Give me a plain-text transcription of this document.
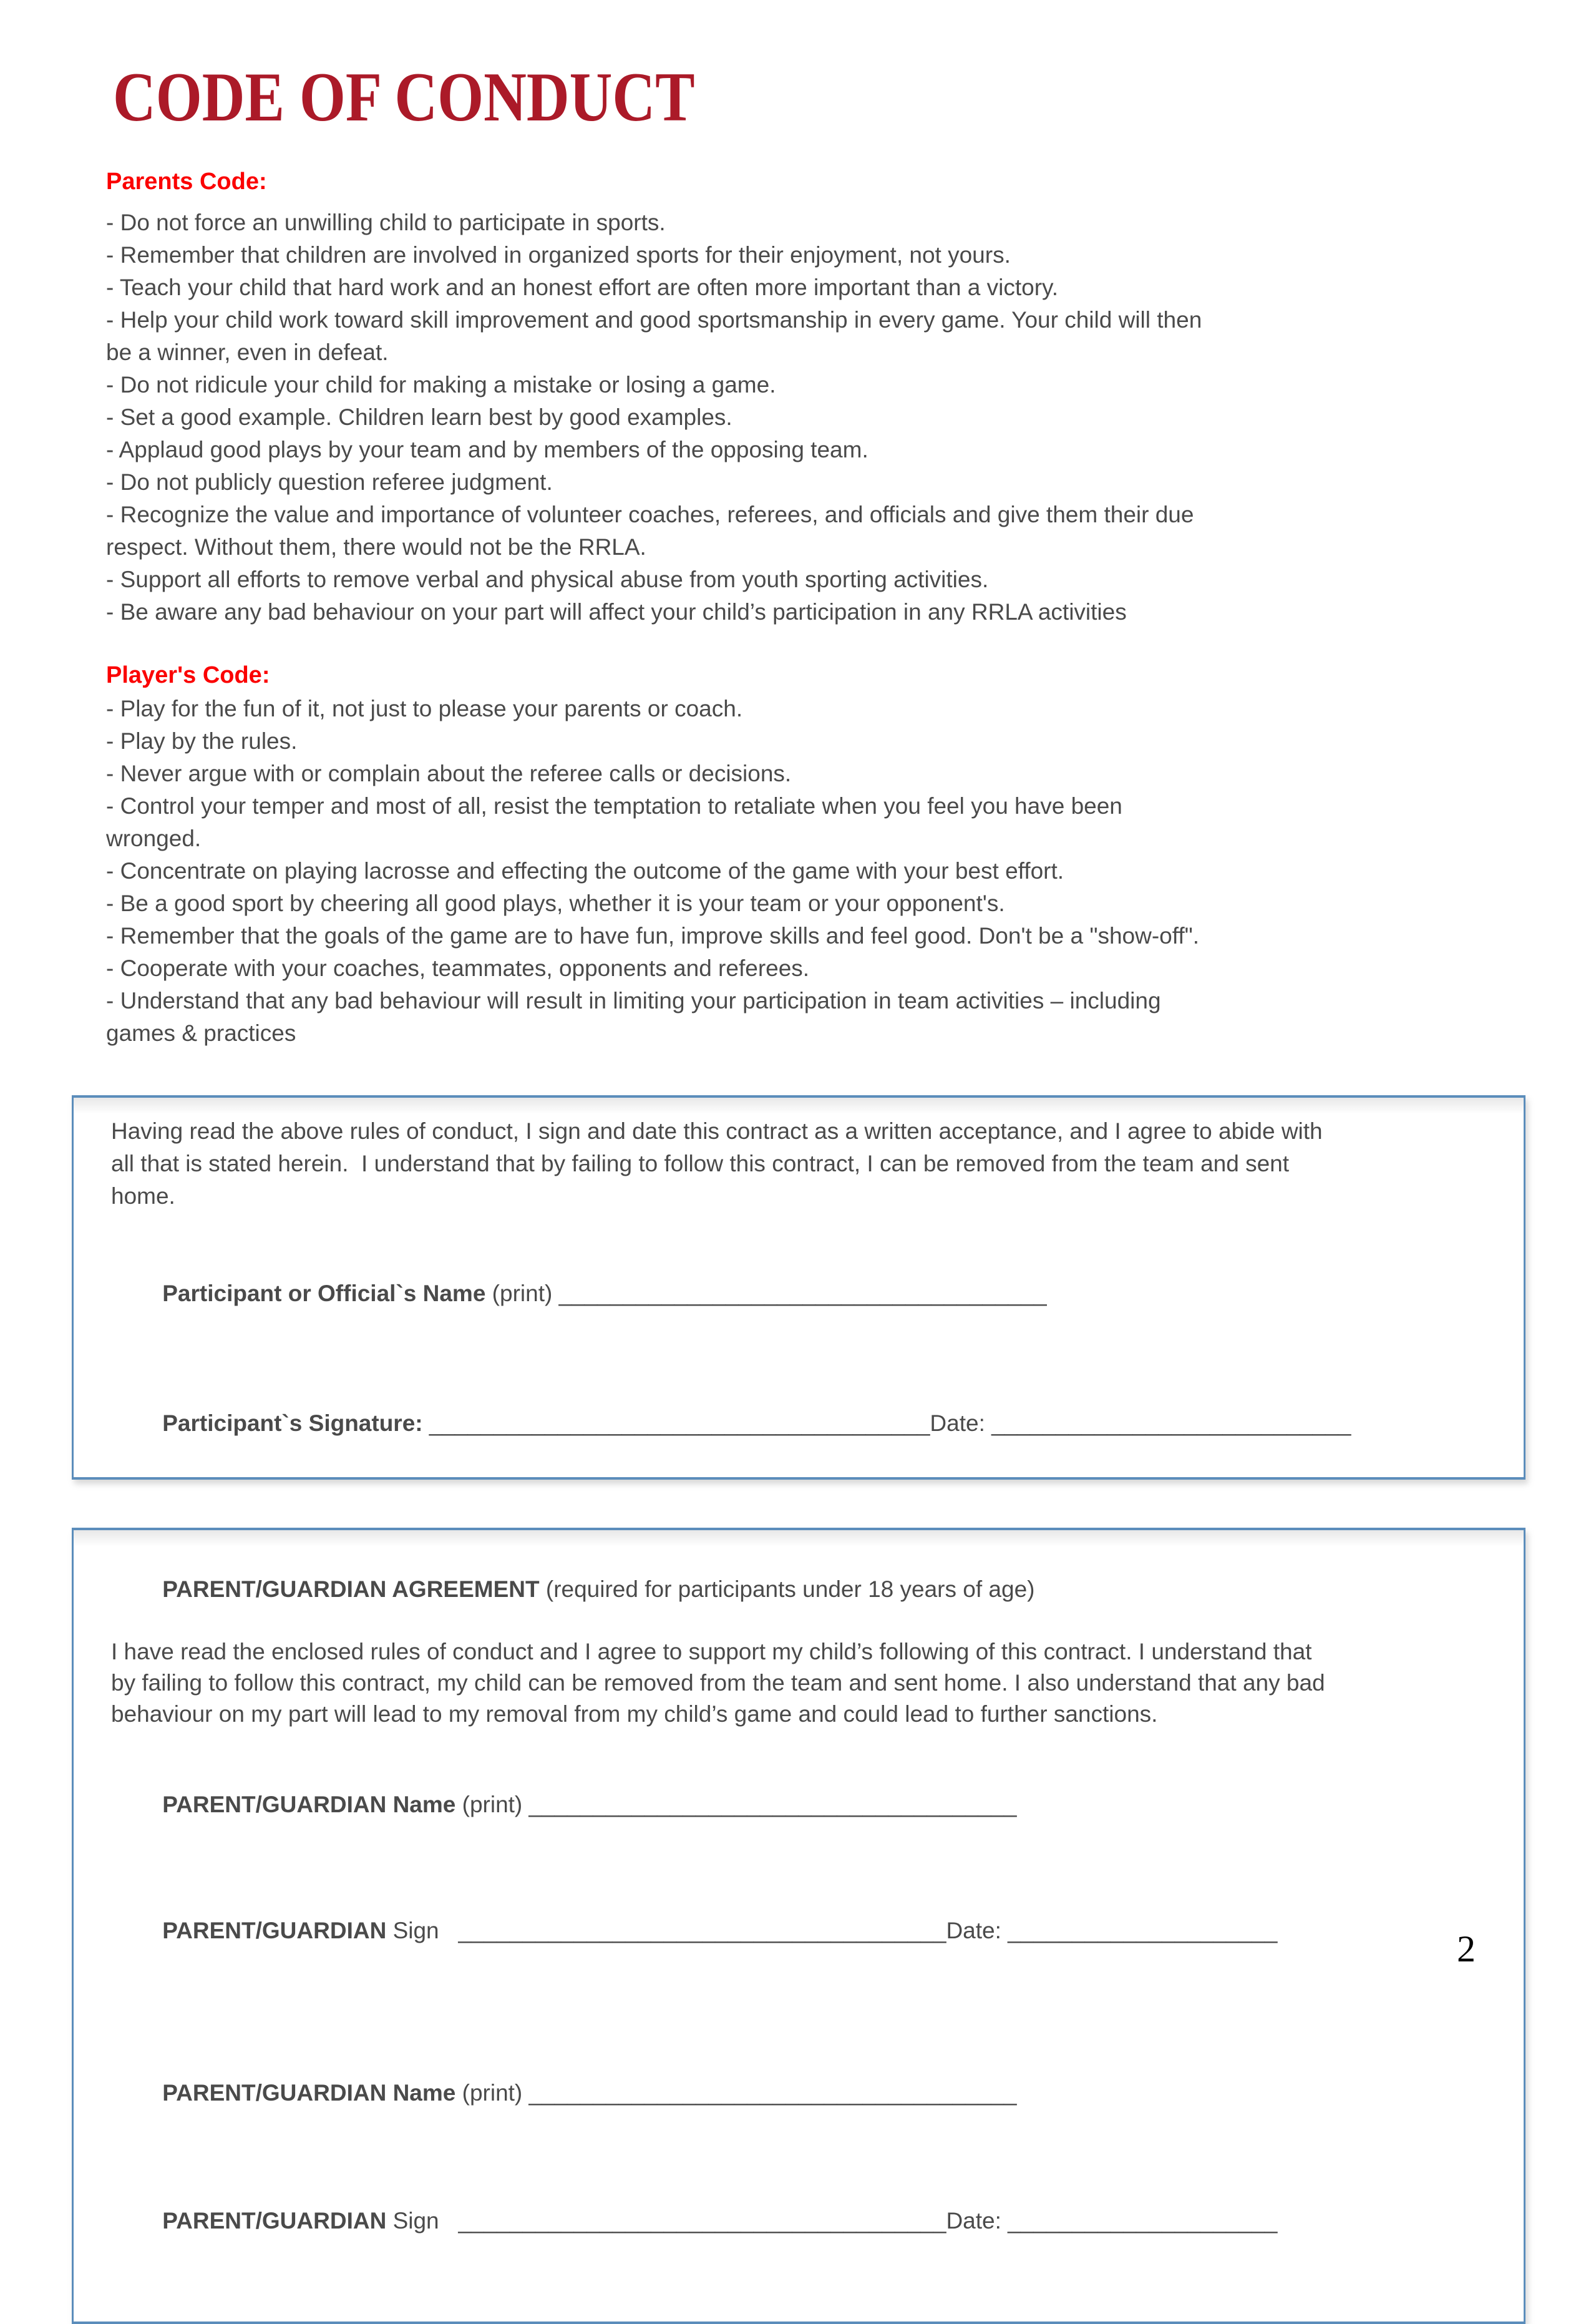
CODE OF CONDUCT
Parents Code:
- Do not force an unwilling child to participate in sports.
- Remember that children are involved in organized sports for their enjoyment, not yours.
- Teach your child that hard work and an honest effort are often more important than a victory.
- Help your child work toward skill improvement and good sportsmanship in every game. Your child will then
be a winner, even in defeat.
- Do not ridicule your child for making a mistake or losing a game.
- Set a good example. Children learn best by good examples.
- Applaud good plays by your team and by members of the opposing team.
- Do not publicly question referee judgment.
- Recognize the value and importance of volunteer coaches, referees, and officials and give them their due
respect. Without them, there would not be the RRLA.
- Support all efforts to remove verbal and physical abuse from youth sporting activities.
- Be aware any bad behaviour on your part will affect your child’s participation in any RRLA activities
Player's Code:
- Play for the fun of it, not just to please your parents or coach.
- Play by the rules.
- Never argue with or complain about the referee calls or decisions.
- Control your temper and most of all, resist the temptation to retaliate when you feel you have been
wronged.
- Concentrate on playing lacrosse and effecting the outcome of the game with your best effort.
- Be a good sport by cheering all good plays, whether it is your team or your opponent's.
- Remember that the goals of the game are to have fun, improve skills and feel good. Don't be a "show-off".
- Cooperate with your coaches, teammates, opponents and referees.
- Understand that any bad behaviour will result in limiting your participation in team activities – including
games & practices
Having read the above rules of conduct, I sign and date this contract as a written acceptance, and I agree to abide with
all that is stated herein.  I understand that by failing to follow this contract, I can be removed from the team and sent
home.

Participant or Official`s Name (print) ______________________________________

Participant`s Signature: _______________________________________Date: ____________________________

PARENT/GUARDIAN AGREEMENT (required for participants under 18 years of age)

I have read the enclosed rules of conduct and I agree to support my child’s following of this contract. I understand that
by failing to follow this contract, my child can be removed from the team and sent home. I also understand that any bad
behaviour on my part will lead to my removal from my child’s game and could lead to further sanctions.

PARENT/GUARDIAN Name (print) ______________________________________

PARENT/GUARDIAN Sign   ______________________________________Date: _____________________

PARENT/GUARDIAN Name (print) ______________________________________

PARENT/GUARDIAN Sign   ______________________________________Date: _____________________

2
